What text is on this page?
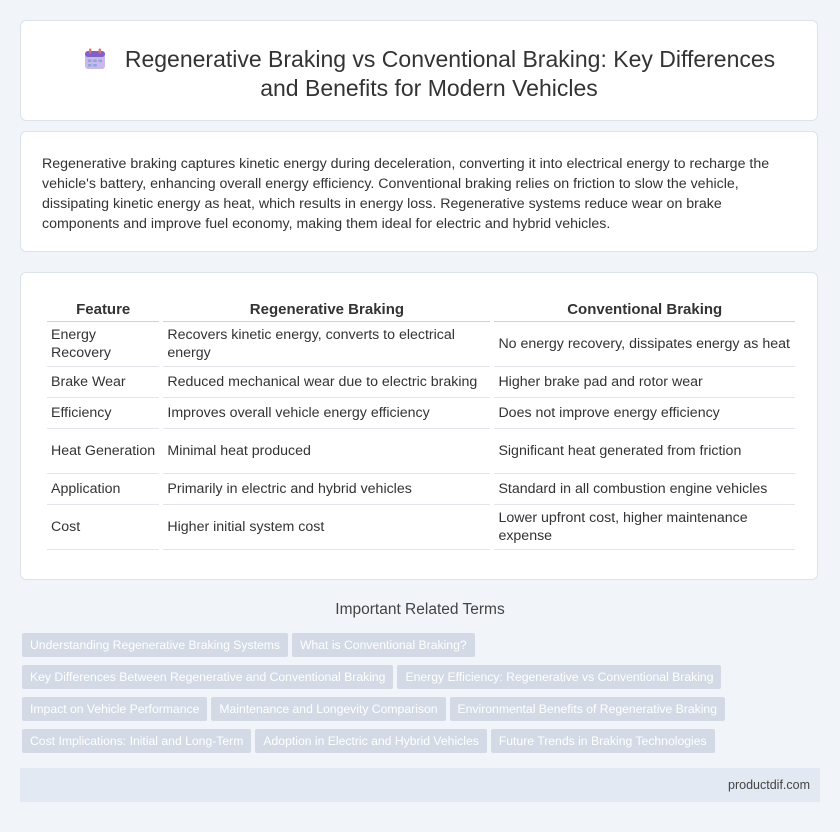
Regenerative Braking vs Conventional Braking: Key Differences and Benefits for Modern Vehicles
Regenerative braking captures kinetic energy during deceleration, converting it into electrical energy to recharge the vehicle's battery, enhancing overall energy efficiency. Conventional braking relies on friction to slow the vehicle, dissipating kinetic energy as heat, which results in energy loss. Regenerative systems reduce wear on brake components and improve fuel economy, making them ideal for electric and hybrid vehicles.
Feature	Regenerative Braking	Conventional Braking
Energy Recovery	Recovers kinetic energy, converts to electrical energy	No energy recovery, dissipates energy as heat
Brake Wear	Reduced mechanical wear due to electric braking	Higher brake pad and rotor wear
Efficiency	Improves overall vehicle energy efficiency	Does not improve energy efficiency
Heat Generation	Minimal heat produced	Significant heat generated from friction
Application	Primarily in electric and hybrid vehicles	Standard in all combustion engine vehicles
Cost	Higher initial system cost	Lower upfront cost, higher maintenance expense
Important Related Terms
Understanding Regenerative Braking Systems What is Conventional Braking?
Key Differences Between Regenerative and Conventional Braking Energy Efficiency: Regenerative vs Conventional Braking
Impact on Vehicle Performance Maintenance and Longevity Comparison Environmental Benefits of Regenerative Braking
Cost Implications: Initial and Long-Term Adoption in Electric and Hybrid Vehicles Future Trends in Braking Technologies
productdif.com
